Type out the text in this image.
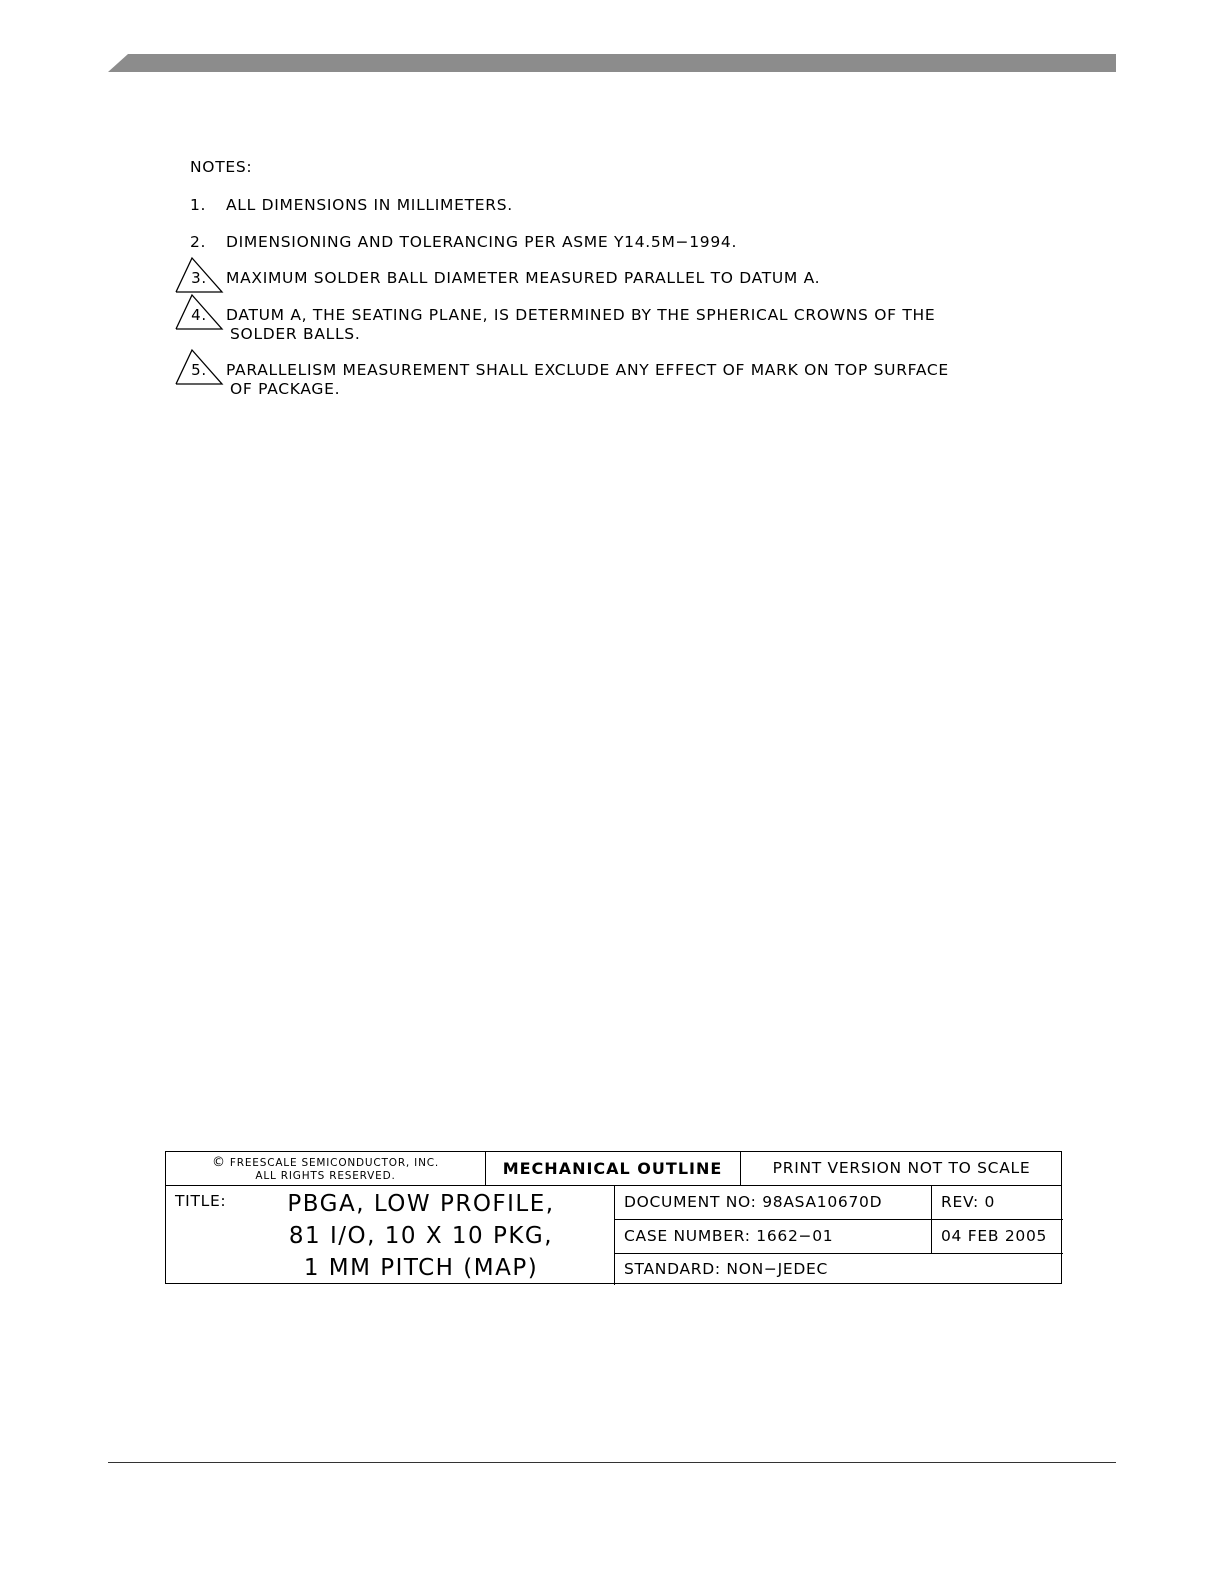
NOTES:
1. ALL DIMENSIONS IN MILLIMETERS.
2. DIMENSIONING AND TOLERANCING PER ASME Y14.5M−1994.
3. MAXIMUM SOLDER BALL DIAMETER MEASURED PARALLEL TO DATUM A.
4. DATUM A, THE SEATING PLANE, IS DETERMINED BY THE SPHERICAL CROWNS OF THE
SOLDER BALLS.
5. PARALLELISM MEASUREMENT SHALL EXCLUDE ANY EFFECT OF MARK ON TOP SURFACE
OF PACKAGE.
© FREESCALE SEMICONDUCTOR, INC.
ALL RIGHTS RESERVED.	MECHANICAL OUTLINE	PRINT VERSION NOT TO SCALE
TITLE:	PBGA, LOW PROFILE,
81 I/O, 10 X 10 PKG,
1 MM PITCH (MAP)
DOCUMENT NO: 98ASA10670D	REV: 0
CASE NUMBER: 1662−01	04 FEB 2005
STANDARD: NON−JEDEC
